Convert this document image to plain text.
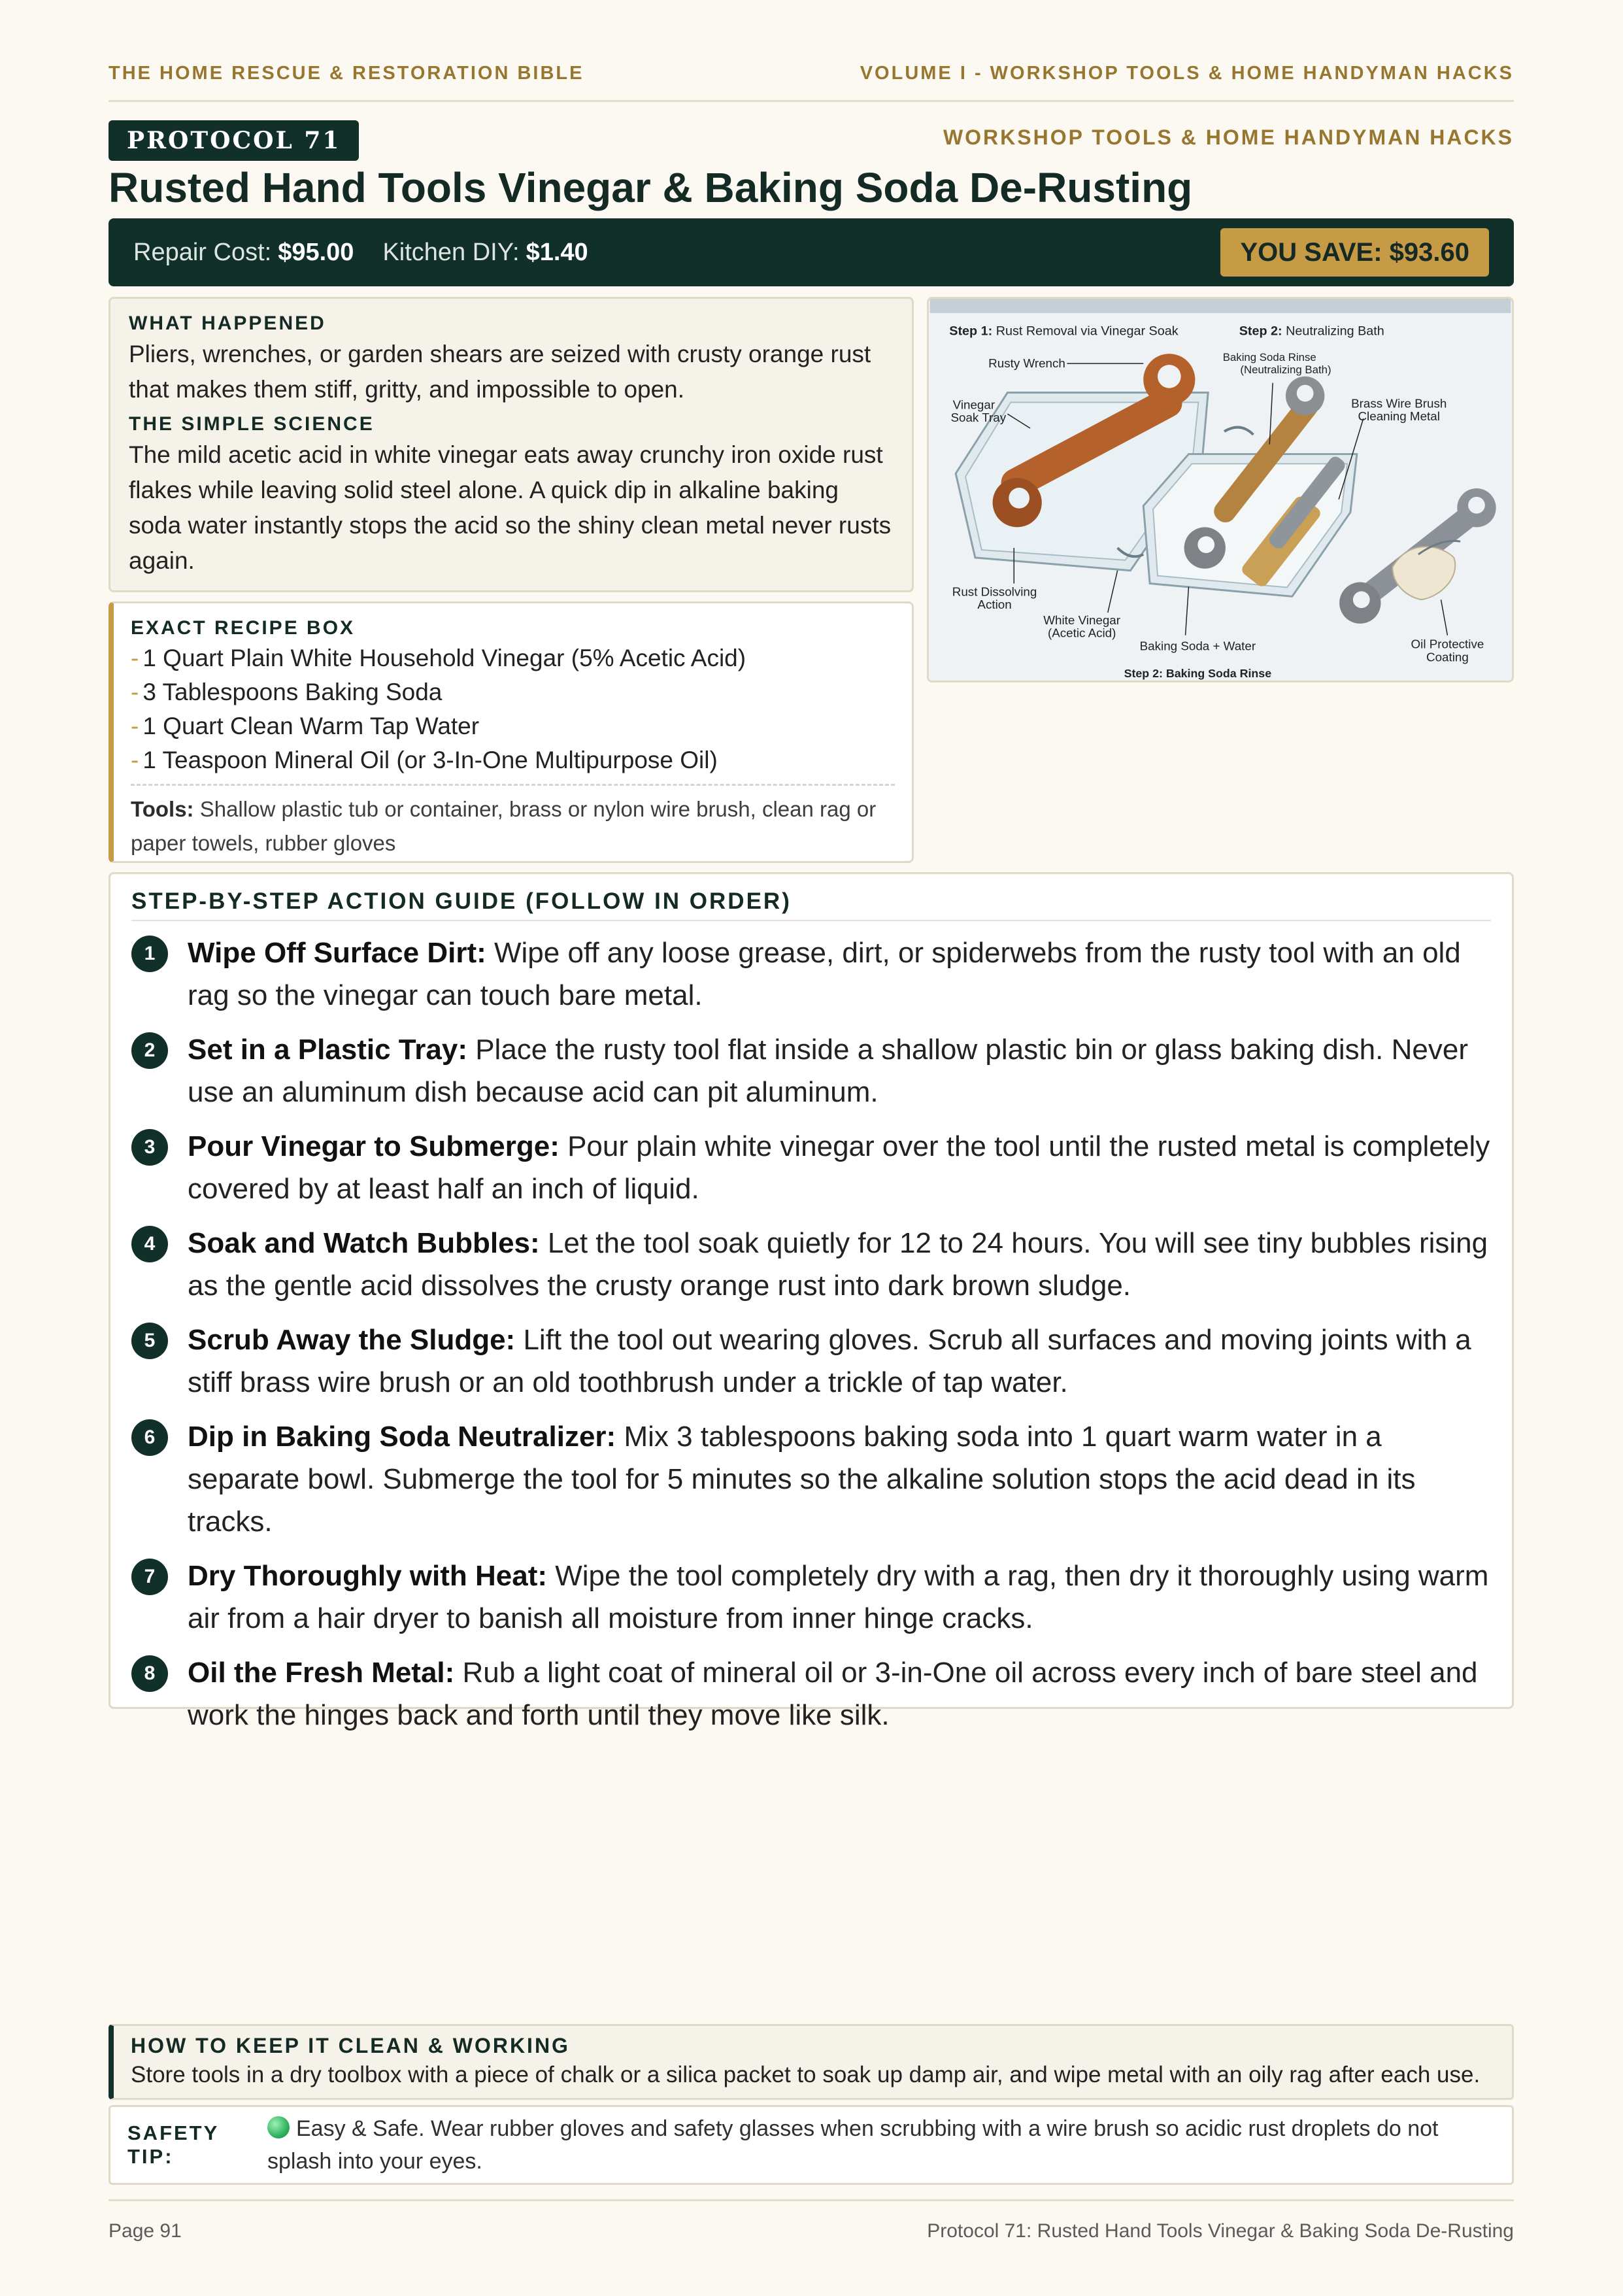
THE HOME RESCUE & RESTORATION BIBLE	VOLUME I - WORKSHOP TOOLS & HOME HANDYMAN HACKS
PROTOCOL 71	WORKSHOP TOOLS & HOME HANDYMAN HACKS
Rusted Hand Tools Vinegar & Baking Soda De-Rusting
Repair Cost: $95.00 Kitchen DIY: $1.40	YOU SAVE: $93.60
WHAT HAPPENED

Pliers, wrenches, or garden shears are seized with crusty orange rust that makes them stiff, gritty, and impossible to open.

THE SIMPLE SCIENCE

The mild acetic acid in white vinegar eats away crunchy iron oxide rust flakes while leaving solid steel alone. A quick dip in alkaline baking soda water instantly stops the acid so the shiny clean metal never rusts again.

EXACT RECIPE BOX
- 1 Quart Plain White Household Vinegar (5% Acetic Acid)
- 3 Tablespoons Baking Soda
- 1 Quart Clean Warm Tap Water
- 1 Teaspoon Mineral Oil (or 3-In-One Multipurpose Oil)
Tools: Shallow plastic tub or container, brass or nylon wire brush, clean rag or paper towels, rubber gloves
Step 1: Rust Removal via Vinegar Soak	Step 2: Neutralizing Bath
Rusty Wrench
Vinegar
Soak Tray
Baking Soda Rinse
(Neutralizing Bath)
Brass Wire Brush
Cleaning Metal
Rust Dissolving
Action
White Vinegar
(Acetic Acid)
Baking Soda + Water	Oil Protective
Coating
Step 2: Baking Soda Rinse
STEP-BY-STEP ACTION GUIDE (FOLLOW IN ORDER)
1	Wipe Off Surface Dirt: Wipe off any loose grease, dirt, or spiderwebs from the rusty tool with an old rag so the vinegar can touch bare metal.
2	Set in a Plastic Tray: Place the rusty tool flat inside a shallow plastic bin or glass baking dish. Never use an aluminum dish because acid can pit aluminum.
3	Pour Vinegar to Submerge: Pour plain white vinegar over the tool until the rusted metal is completely covered by at least half an inch of liquid.
4	Soak and Watch Bubbles: Let the tool soak quietly for 12 to 24 hours. You will see tiny bubbles rising as the gentle acid dissolves the crusty orange rust into dark brown sludge.
5	Scrub Away the Sludge: Lift the tool out wearing gloves. Scrub all surfaces and moving joints with a stiff brass wire brush or an old toothbrush under a trickle of tap water.
6	Dip in Baking Soda Neutralizer: Mix 3 tablespoons baking soda into 1 quart warm water in a separate bowl. Submerge the tool for 5 minutes so the alkaline solution stops the acid dead in its tracks.
7	Dry Thoroughly with Heat: Wipe the tool completely dry with a rag, then dry it thoroughly using warm air from a hair dryer to banish all moisture from inner hinge cracks.
8	Oil the Fresh Metal: Rub a light coat of mineral oil or 3-in-One oil across every inch of bare steel and work the hinges back and forth until they move like silk.
HOW TO KEEP IT CLEAN & WORKING

Store tools in a dry toolbox with a piece of chalk or a silica packet to soak up damp air, and wipe metal with an oily rag after each use.

SAFETY TIP:
Easy & Safe. Wear rubber gloves and safety glasses when scrubbing with a wire brush so acidic rust droplets do not splash into your eyes.
Page 91	Protocol 71: Rusted Hand Tools Vinegar & Baking Soda De-Rusting
